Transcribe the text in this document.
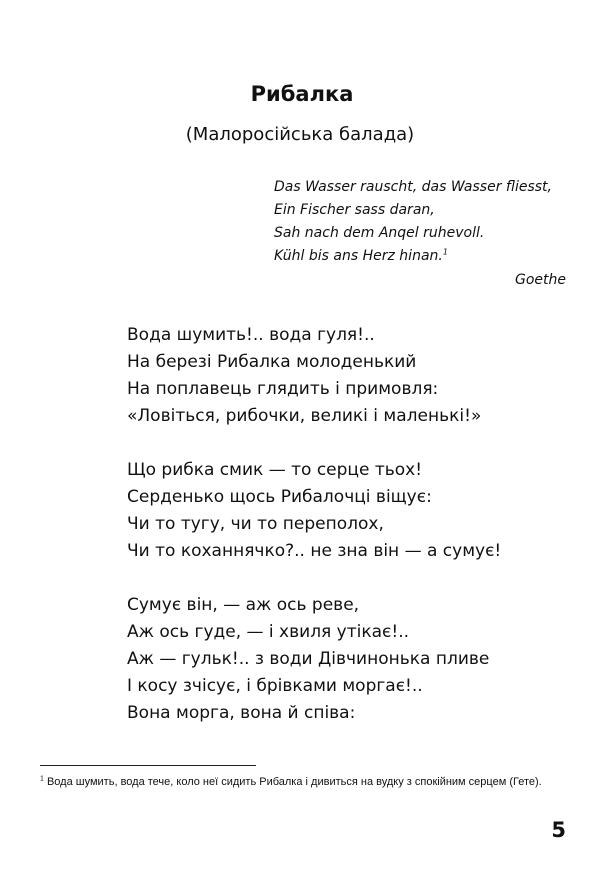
Рибалка
(Малоросійська балада)
Das Wasser rauscht, das Wasser fliesst,
Ein Fischer sass daran,
Sah nach dem Anqel ruhevoll.
Kühl bis ans Herz hinan.$^1$
Goethe
Вода шумить!.. вода гуля!..
На березі Рибалка молоденький
На поплавець глядить і примовля:
«Ловіться, рибочки, великі і маленькі!»
Що рибка смик — то серце тьох!
Серденько щось Рибалочці віщує:
Чи то тугу, чи то переполох,
Чи то коханнячко?.. не зна він — а сумує!
Сумує він, — аж ось реве,
Аж ось гуде, — і хвиля утікає!..
Аж — гульк!.. з води Дівчинонька пливе
І косу зчісує, і брівками моргає!..
Вона морга, вона й співа:
$^1$ Вода шумить, вода тече, коло неї сидить Рибалка і дивиться на вудку з спокійним серцем (Гете).
5
